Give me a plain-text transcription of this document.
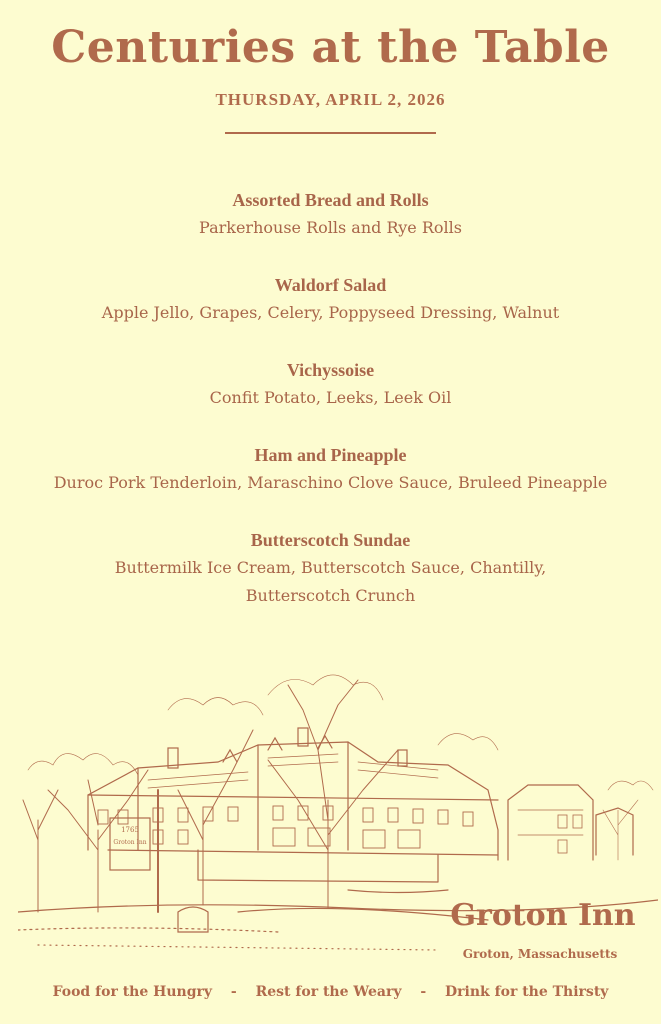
Centuries at the Table
THURSDAY, APRIL 2, 2026
Assorted Bread and Rolls
Parkerhouse Rolls and Rye Rolls
Waldorf Salad
Apple Jello, Grapes, Celery, Poppyseed Dressing, Walnut
Vichyssoise
Confit Potato, Leeks, Leek Oil
Ham and Pineapple
Duroc Pork Tenderloin, Maraschino Clove Sauce, Bruleed Pineapple
Butterscotch Sundae
Buttermilk Ice Cream, Butterscotch Sauce, Chantilly, Butterscotch Crunch
1765
Groton Inn
Groton Inn
Groton, Massachusetts
Food for the Hungry - Rest for the Weary - Drink for the Thirsty
